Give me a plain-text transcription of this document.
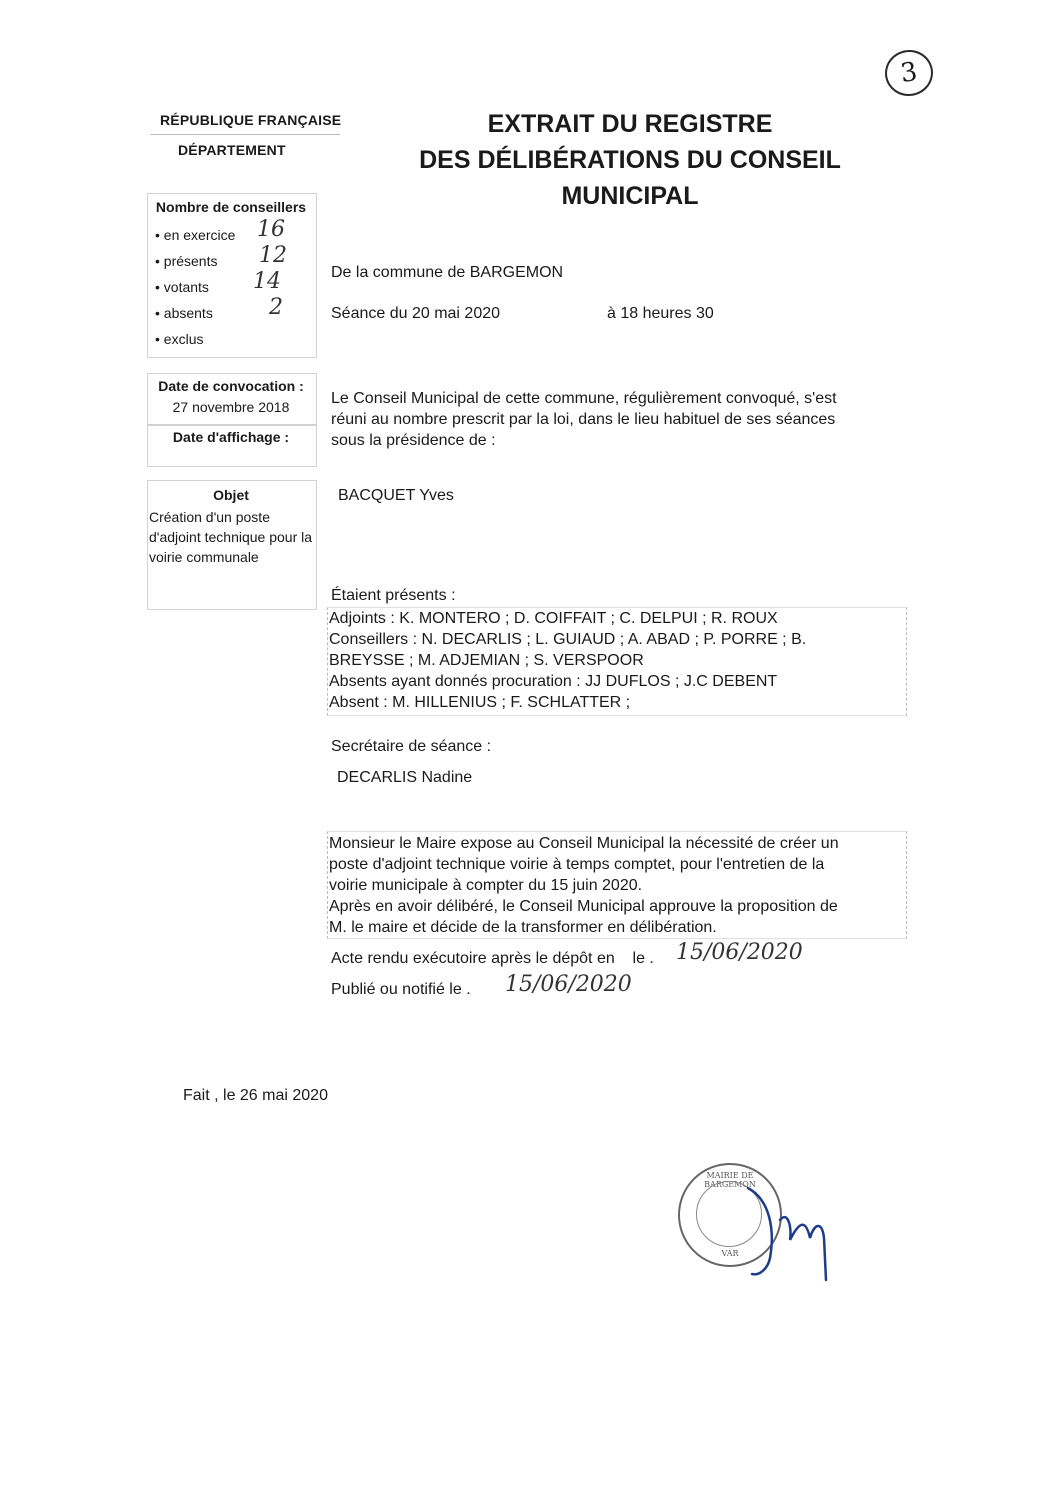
3
RÉPUBLIQUE FRANÇAISE
DÉPARTEMENT
EXTRAIT DU REGISTRE
DES DÉLIBÉRATIONS DU CONSEIL
MUNICIPAL
Nombre de conseillers
• en exercice 16
• présents 12
• votants 14
• absents	2
• exclus
Date de convocation :
27 novembre 2018
Date d'affichage :
Objet
Création d'un poste
d'adjoint technique pour la
voirie communale
De la commune de BARGEMON
Séance du 20 mai 2020	à 18 heures 30
Le Conseil Municipal de cette commune, régulièrement convoqué, s'est
réuni au nombre prescrit par la loi, dans le lieu habituel de ses séances
sous la présidence de :
BACQUET Yves
Étaient présents :
Adjoints : K. MONTERO ; D. COIFFAIT ; C. DELPUI ; R. ROUX
Conseillers : N. DECARLIS ; L. GUIAUD ; A. ABAD ; P. PORRE ; B.
BREYSSE ; M. ADJEMIAN ; S. VERSPOOR
Absents ayant donnés procuration : JJ DUFLOS ; J.C DEBENT
Absent : M. HILLENIUS ; F. SCHLATTER ;
Secrétaire de séance :
DECARLIS Nadine
Monsieur le Maire expose au Conseil Municipal la nécessité de créer un
poste d'adjoint technique voirie à temps comptet, pour l'entretien de la
voirie municipale à compter du 15 juin 2020.
Après en avoir délibéré, le Conseil Municipal approuve la proposition de
M. le maire et décide de la transformer en délibération.
Acte rendu exécutoire après le dépôt en    le . 15/06/2020
Publié ou notifié le . 15/06/2020
Fait , le 26 mai 2020
MAIRIE DE BARGEMON
VAR
